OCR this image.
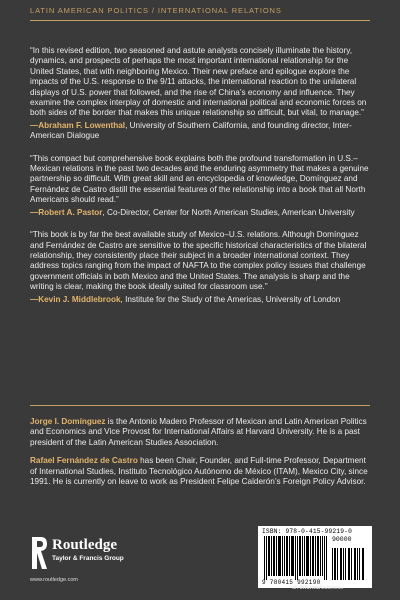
LATIN AMERICAN POLITICS / INTERNATIONAL RELATIONS

“In this revised edition, two seasoned and astute analysts concisely illuminate the history, dynamics, and prospects of perhaps the most important international relationship for the United States, that with neighboring Mexico. Their new preface and epilogue explore the impacts of the U.S. response to the 9/11 attacks, the international reaction to the unilateral displays of U.S. power that followed, and the rise of China’s economy and influence. They examine the complex interplay of domestic and international political and economic forces on both sides of the border that makes this unique relationship so difficult, but vital, to manage.”

—Abraham F. Lowenthal, University of Southern California, and founding director, Inter-American Dialogue

“This compact but comprehensive book explains both the profound transformation in U.S.–Mexican relations in the past two decades and the enduring asymmetry that makes a genuine partnership so difficult. With great skill and an encyclopedia of knowledge, Domínguez and Fernández de Castro distill the essential features of the relationship into a book that all North Americans should read.”

—Robert A. Pastor, Co-Director, Center for North American Studies, American University

“This book is by far the best available study of Mexico–U.S. relations. Although Domínguez and Fernández de Castro are sensitive to the specific historical characteristics of the bilateral relationship, they consistently place their subject in a broader international context. They address topics ranging from the impact of NAFTA to the complex policy issues that challenge government officials in both Mexico and the United States. The analysis is sharp and the writing is clear, making the book ideally suited for classroom use.”

—Kevin J. Middlebrook, Institute for the Study of the Americas, University of London

Jorge I. Domínguez is the Antonio Madero Professor of Mexican and Latin American Politics and Economics and Vice Provost for International Affairs at Harvard University. He is a past president of the Latin American Studies Association.

Rafael Fernández de Castro has been Chair, Founder, and Full-time Professor, Department of International Studies, Instituto Tecnológico Autónomo de México (ITAM), Mexico City, since 1991. He is currently on leave to work as President Felipe Calderón’s Foreign Policy Advisor.

Routledge
Taylor & Francis Group
www.routledge.com
ISBN: 978-0-415-99219-0
90000
9 780415 992190
an informa business
